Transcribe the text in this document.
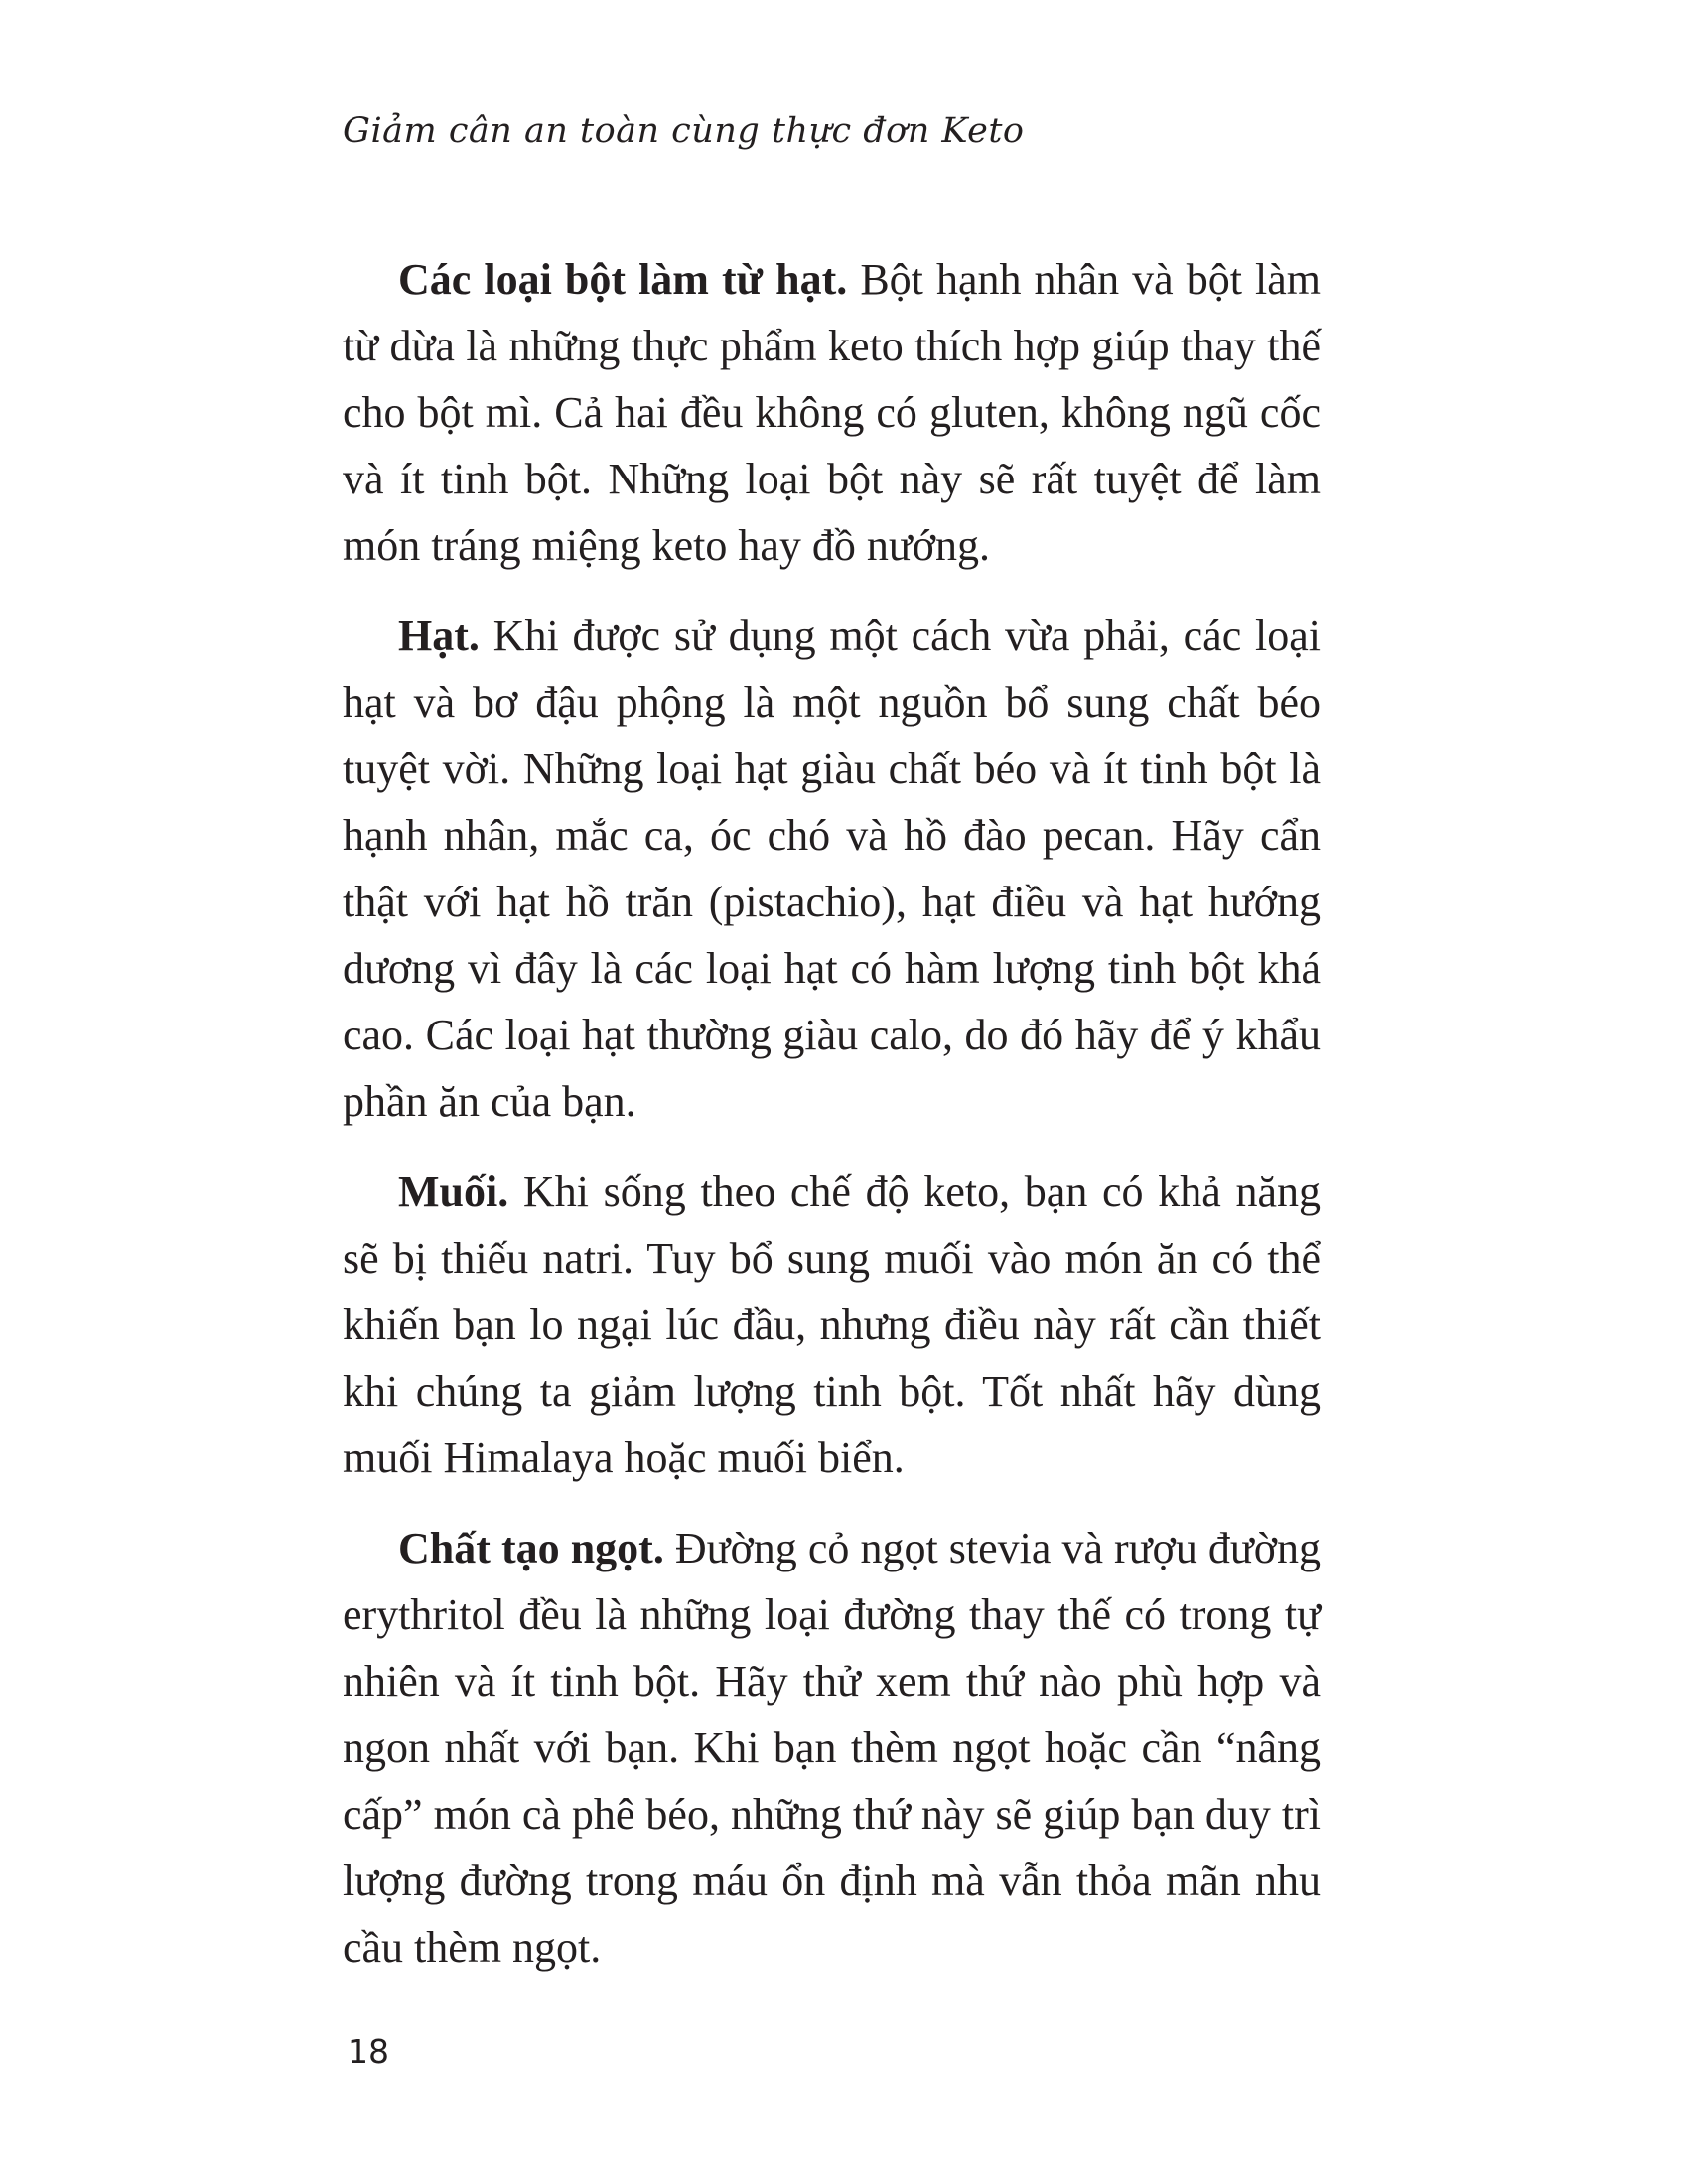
Giảm cân an toàn cùng thực đơn Keto

Các loại bột làm từ hạt. Bột hạnh nhân và bột làm từ dừa là những thực phẩm keto thích hợp giúp thay thế cho bột mì. Cả hai đều không có gluten, không ngũ cốc và ít tinh bột. Những loại bột này sẽ rất tuyệt để làm món tráng miệng keto hay đồ nướng.

Hạt. Khi được sử dụng một cách vừa phải, các loại hạt và bơ đậu phộng là một nguồn bổ sung chất béo tuyệt vời. Những loại hạt giàu chất béo và ít tinh bột là hạnh nhân, mắc ca, óc chó và hồ đào pecan. Hãy cẩn thật với hạt hồ trăn (pistachio), hạt điều và hạt hướng dương vì đây là các loại hạt có hàm lượng tinh bột khá cao. Các loại hạt thường giàu calo, do đó hãy để ý khẩu phần ăn của bạn.

Muối. Khi sống theo chế độ keto, bạn có khả năng sẽ bị thiếu natri. Tuy bổ sung muối vào món ăn có thể khiến bạn lo ngại lúc đầu, nhưng điều này rất cần thiết khi chúng ta giảm lượng tinh bột. Tốt nhất hãy dùng muối Himalaya hoặc muối biển.

Chất tạo ngọt. Đường cỏ ngọt stevia và rượu đường erythritol đều là những loại đường thay thế có trong tự nhiên và ít tinh bột. Hãy thử xem thứ nào phù hợp và ngon nhất với bạn. Khi bạn thèm ngọt hoặc cần “nâng cấp” món cà phê béo, những thứ này sẽ giúp bạn duy trì lượng đường trong máu ổn định mà vẫn thỏa mãn nhu cầu thèm ngọt.

18
